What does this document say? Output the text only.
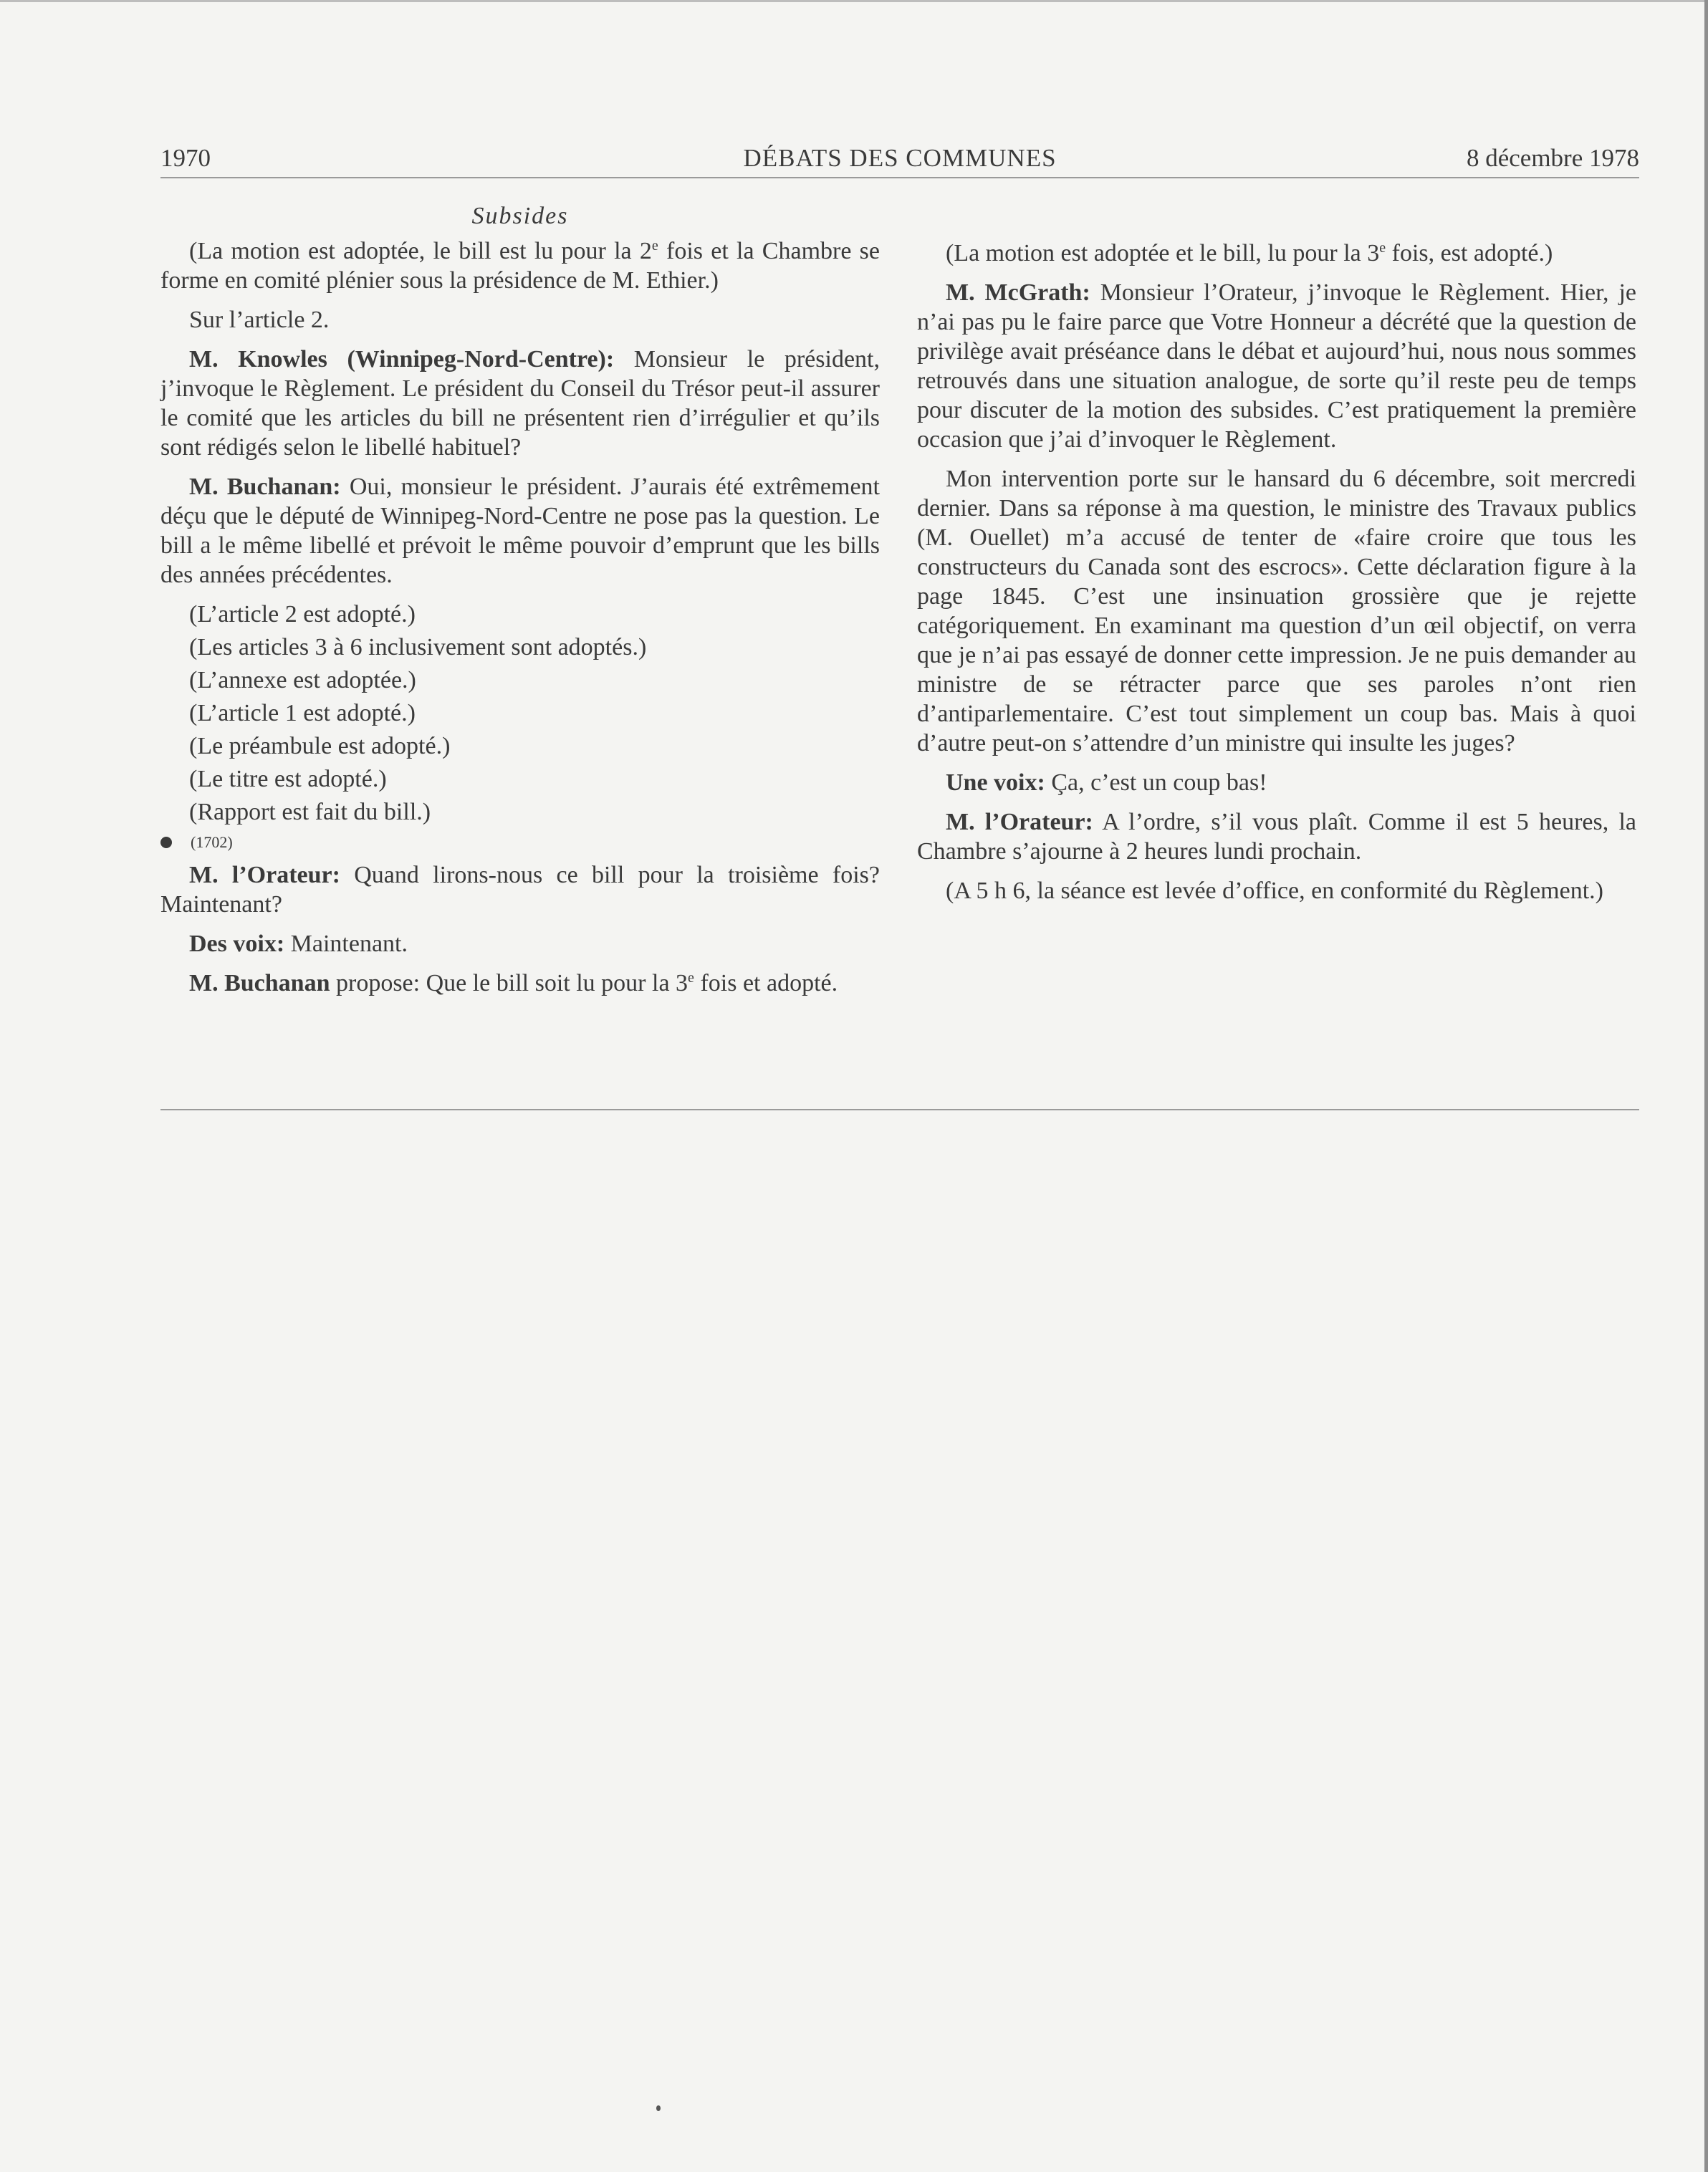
1970	DÉBATS DES COMMUNES	8 décembre 1978
Subsides

(La motion est adoptée, le bill est lu pour la 2e fois et la Chambre se forme en comité plénier sous la présidence de M. Ethier.)

Sur l’article 2.

M. Knowles (Winnipeg-Nord-Centre): Monsieur le président, j’invoque le Règlement. Le président du Conseil du Trésor peut-il assurer le comité que les articles du bill ne présentent rien d’irrégulier et qu’ils sont rédigés selon le libellé habituel?

M. Buchanan: Oui, monsieur le président. J’aurais été extrêmement déçu que le député de Winnipeg-Nord-Centre ne pose pas la question. Le bill a le même libellé et prévoit le même pouvoir d’emprunt que les bills des années précédentes.

(L’article 2 est adopté.)

(Les articles 3 à 6 inclusivement sont adoptés.)

(L’annexe est adoptée.)

(L’article 1 est adopté.)

(Le préambule est adopté.)

(Le titre est adopté.)

(Rapport est fait du bill.)

(1702)

M. l’Orateur: Quand lirons-nous ce bill pour la troisième fois? Maintenant?

Des voix: Maintenant.

M. Buchanan propose: Que le bill soit lu pour la 3e fois et adopté.

(La motion est adoptée et le bill, lu pour la 3e fois, est adopté.)

M. McGrath: Monsieur l’Orateur, j’invoque le Règlement. Hier, je n’ai pas pu le faire parce que Votre Honneur a décrété que la question de privilège avait préséance dans le débat et aujourd’hui, nous nous sommes retrouvés dans une situation analogue, de sorte qu’il reste peu de temps pour discuter de la motion des subsides. C’est pratiquement la première occasion que j’ai d’invoquer le Règlement.

Mon intervention porte sur le hansard du 6 décembre, soit mercredi dernier. Dans sa réponse à ma question, le ministre des Travaux publics (M. Ouellet) m’a accusé de tenter de «faire croire que tous les constructeurs du Canada sont des escrocs». Cette déclaration figure à la page 1845. C’est une insinuation grossière que je rejette catégoriquement. En examinant ma question d’un œil objectif, on verra que je n’ai pas essayé de donner cette impression. Je ne puis demander au ministre de se rétracter parce que ses paroles n’ont rien d’antiparlementaire. C’est tout simplement un coup bas. Mais à quoi d’autre peut-on s’attendre d’un ministre qui insulte les juges?

Une voix: Ça, c’est un coup bas!

M. l’Orateur: A l’ordre, s’il vous plaît. Comme il est 5 heures, la Chambre s’ajourne à 2 heures lundi prochain.

(A 5 h 6, la séance est levée d’office, en conformité du Règlement.)
